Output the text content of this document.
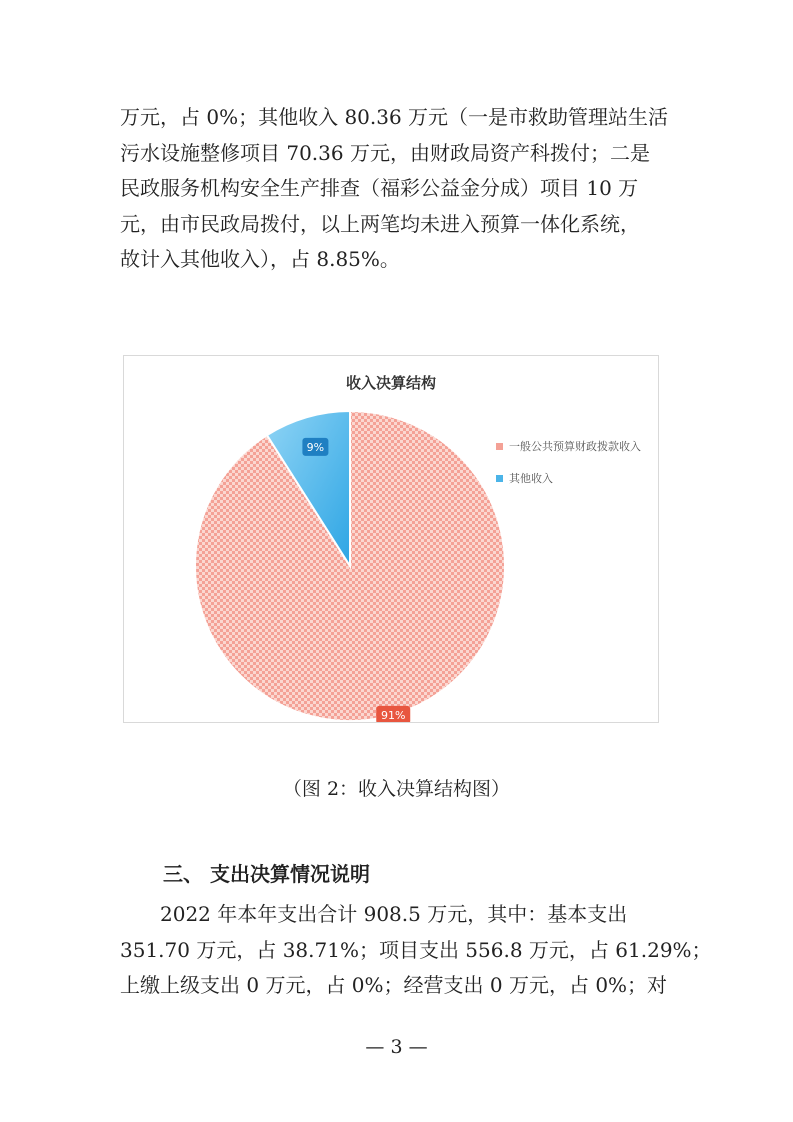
万元，占 0%；其他收入 80.36 万元（一是市救助管理站生活

污水设施整修项目 70.36 万元，由财政局资产科拨付；二是

民政服务机构安全生产排查（福彩公益金分成）项目 10 万

元，由市民政局拨付，以上两笔均未进入预算一体化系统，

故计入其他收入），占 8.85%。

收入决算结构
91%
9%	一般公共预算财政拨款收入
其他收入
（图 2：收入决算结构图）
三、 支出决算情况说明

2022 年本年支出合计 908.5 万元，其中：基本支出

351.70 万元，占 38.71%；项目支出 556.8 万元，占 61.29%；

上缴上级支出 0 万元，占 0%；经营支出 0 万元，占 0%；对

— 3 —
